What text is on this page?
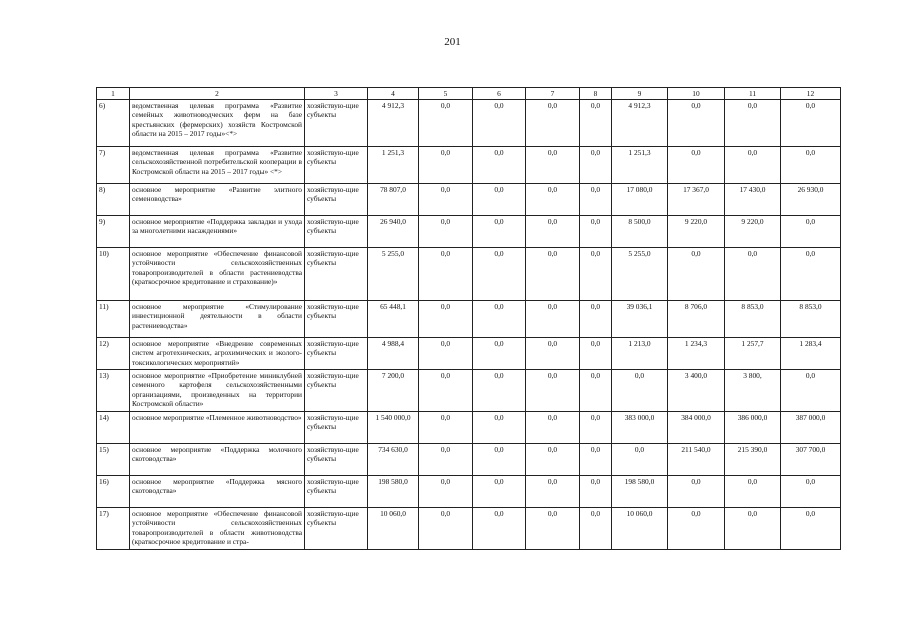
201
1	2	3	4	5	6	7	8	9	10	11	12
6)	ведомственная целевая программа «Развитие семейных животноводческих ферм на базе крестьянских (фермерских) хозяйств Костромской области на 2015 – 2017 годы»<*>	хозяйствую-щие субъекты	4 912,3	0,0	0,0	0,0	0,0	4 912,3	0,0	0,0	0,0
7)	ведомственная целевая программа «Развитие сельскохозяйственной потребительской кооперации в Костромской области на 2015 – 2017 годы» <*>	хозяйствую-щие субъекты	1 251,3	0,0	0,0	0,0	0,0	1 251,3	0,0	0,0	0,0
8)	основное мероприятие «Развитие элитного семеноводства»	хозяйствую-щие субъекты	78 807,0	0,0	0,0	0,0	0,0	17 080,0	17 367,0	17 430,0	26 930,0
9)	основное мероприятие «Поддержка закладки и ухода за многолетними насаждениями»	хозяйствую-щие субъекты	26 940,0	0,0	0,0	0,0	0,0	8 500,0	9 220,0	9 220,0	0,0
10)	основное мероприятие «Обеспечение финансовой устойчивости сельскохозяйственных товаропроизводителей в области растениеводства (краткосрочное кредитование и страхование)»	хозяйствую-щие субъекты	5 255,0	0,0	0,0	0,0	0,0	5 255,0	0,0	0,0	0,0
11)	основное мероприятие «Стимулирование инвестиционной деятельности в области растениеводства»	хозяйствую-щие субъекты	65 448,1	0,0	0,0	0,0	0,0	39 036,1	8 706,0	8 853,0	8 853,0
12)	основное мероприятие «Внедрение современных систем агротехнических, агрохимических и эколого-токсикологических мероприятий»	хозяйствую-щие субъекты	4 988,4	0,0	0,0	0,0	0,0	1 213,0	1 234,3	1 257,7	1 283,4
13)	основное мероприятие «Приобретение миниклубней семенного картофеля сельскохозяйственными организациями, произведенных на территории Костромской области»	хозяйствую-щие субъекты	7 200,0	0,0	0,0	0,0	0,0	0,0	3 400,0	3 800,	0,0
14)	основное мероприятие «Племенное животноводство»	хозяйствую-щие субъекты	1 540 000,0	0,0	0,0	0,0	0,0	383 000,0	384 000,0	386 000,0	387 000,0
15)	основное мероприятие «Поддержка молочного скотоводства»	хозяйствую-щие субъекты	734 630,0	0,0	0,0	0,0	0,0	0,0	211 540,0	215 390,0	307 700,0
16)	основное мероприятие «Поддержка мясного скотоводства»	хозяйствую-щие субъекты	198 580,0	0,0	0,0	0,0	0,0	198 580,0	0,0	0,0	0,0
17)	основное мероприятие «Обеспечение финансовой устойчивости сельскохозяйственных товаропроизводителей в области животноводства (краткосрочное кредитование и стра-	хозяйствую-щие субъекты	10 060,0	0,0	0,0	0,0	0,0	10 060,0	0,0	0,0	0,0
